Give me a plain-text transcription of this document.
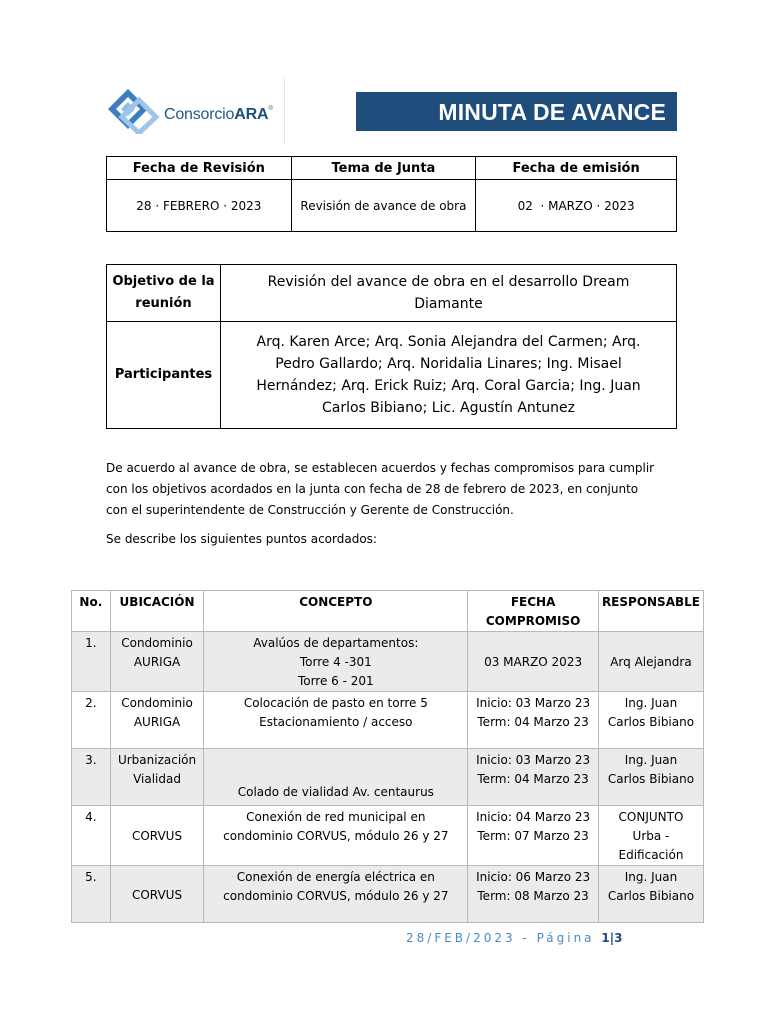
ConsorcioARA®	MINUTA DE AVANCE
Fecha de Revisión	Tema de Junta	Fecha de emisión
28 · FEBRERO · 2023	Revisión de avance de obra	02  · MARZO · 2023
Objetivo de la
reunión	Revisión del avance de obra en el desarrollo Dream
Diamante

Participantes	Arq. Karen Arce; Arq. Sonia Alejandra del Carmen; Arq.
Pedro Gallardo; Arq. Noridalia Linares; Ing. Misael
Hernández; Arq. Erick Ruiz; Arq. Coral Garcia; Ing. Juan
Carlos Bibiano; Lic. Agustín Antunez

De acuerdo al avance de obra, se establecen acuerdos y fechas compromisos para cumplir
con los objetivos acordados en la junta con fecha de 28 de febrero de 2023, en conjunto
con el superintendente de Construcción y Gerente de Construcción.

Se describe los siguientes puntos acordados:

No.	UBICACIÓN	CONCEPTO	FECHA
COMPROMISO	RESPONSABLE
1.	Condominio
AURIGA	Avalúos de departamentos:
Torre 4 -301
Torre 6 - 201	03 MARZO 2023	Arq Alejandra

2.	Condominio
AURIGA	Colocación de pasto en torre 5
Estacionamiento / acceso	Inicio: 03 Marzo 23
Term: 04 Marzo 23	Ing. Juan
Carlos Bibiano

3.	Urbanización
Vialidad	Colado de vialidad Av. centaurus	Inicio: 03 Marzo 23
Term: 04 Marzo 23	Ing. Juan
Carlos Bibiano

4.	CORVUS	Conexión de red municipal en
condominio CORVUS, módulo 26 y 27	Inicio: 04 Marzo 23
Term: 07 Marzo 23	CONJUNTO
Urba -
Edificación

5.	CORVUS	Conexión de energía eléctrica en
condominio CORVUS, módulo 26 y 27	Inicio: 06 Marzo 23
Term: 08 Marzo 23	Ing. Juan
Carlos Bibiano
28/FEB/2023 - Página 1|3
